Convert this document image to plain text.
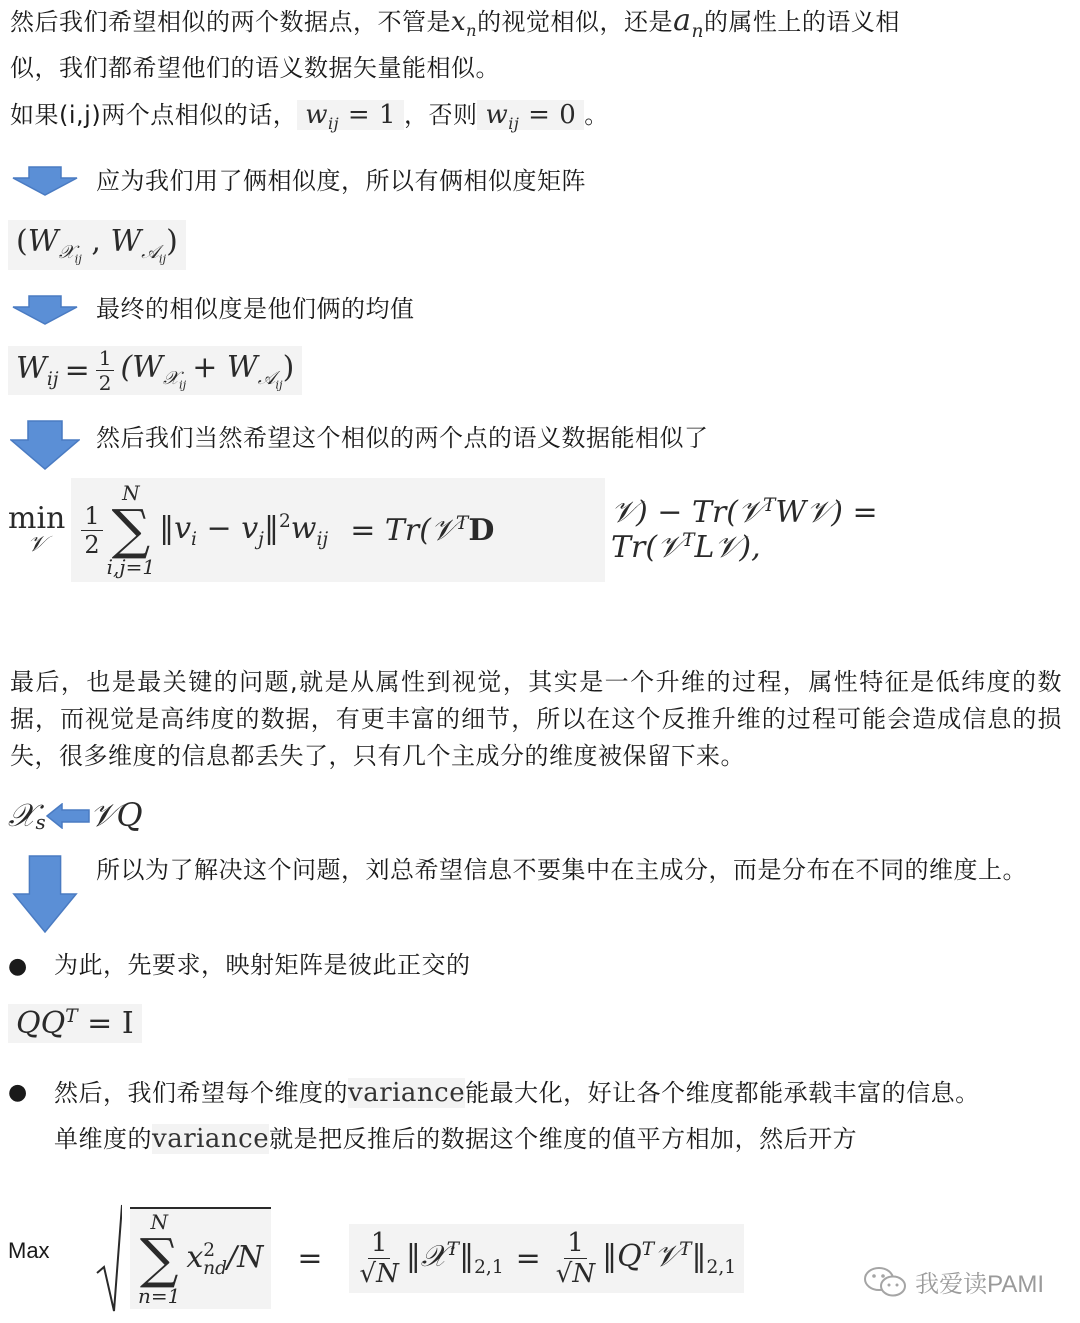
然后我们希望相似的两个数据点，不管是$x_n$的视觉相似，还是$a_n$的属性上的语义相
似，我们都希望他们的语义数据矢量能相似。
如果(i,j)两个点相似的话， $w_{ij} = 1$ ，否则 $w_{ij} = 0$ 。
应为我们用了俩相似度，所以有俩相似度矩阵
($W_{𝒳_{ij}}$ , $W_{𝒜_{ij}}$)
最终的相似度是他们俩的均值
$W_{ij} = \frac{1}{2} (W_{𝒳_{ij}} + W_{𝒜_{ij}})$
然后我们当然希望这个相似的两个点的语义数据能相似了
min
𝒱 $\frac{1}{2}$
N
∑
i,j=1
$‖v_i$ − $v_j‖^2w_{ij}$ = Tr(𝒱$^T$D	𝒱) − Tr(𝒱$^T$W𝒱) = Tr(𝒱$^T$L𝒱),
最后，也是最关键的问题,就是从属性到视觉，其实是一个升维的过程，属性特征是低纬度的数据，而视觉是高纬度的数据，有更丰富的细节，所以在这个反推升维的过程可能会造成信息的损失，很多维度的信息都丢失了，只有几个主成分的维度被保留下来。
𝒳$_s$ 𝒱Q
所以为了解决这个问题，刘总希望信息不要集中在主成分，而是分布在不同的维度上。
● 为此，先要求，映射矩阵是彼此正交的
$QQ^T = I$
● 然后，我们希望每个维度的variance能最大化，好让各个维度都能承载丰富的信息。
单维度的variance就是把反推后的数据这个维度的值平方相加，然后开方
Max
N
∑
n=1
$x^2_{nd}/N = \frac{1}{√N}$ $‖𝒳^T‖_{2,1} = \frac{1}{√N}$ $‖Q^T𝒱^T‖_{2,1}$
我爱读PAMI
